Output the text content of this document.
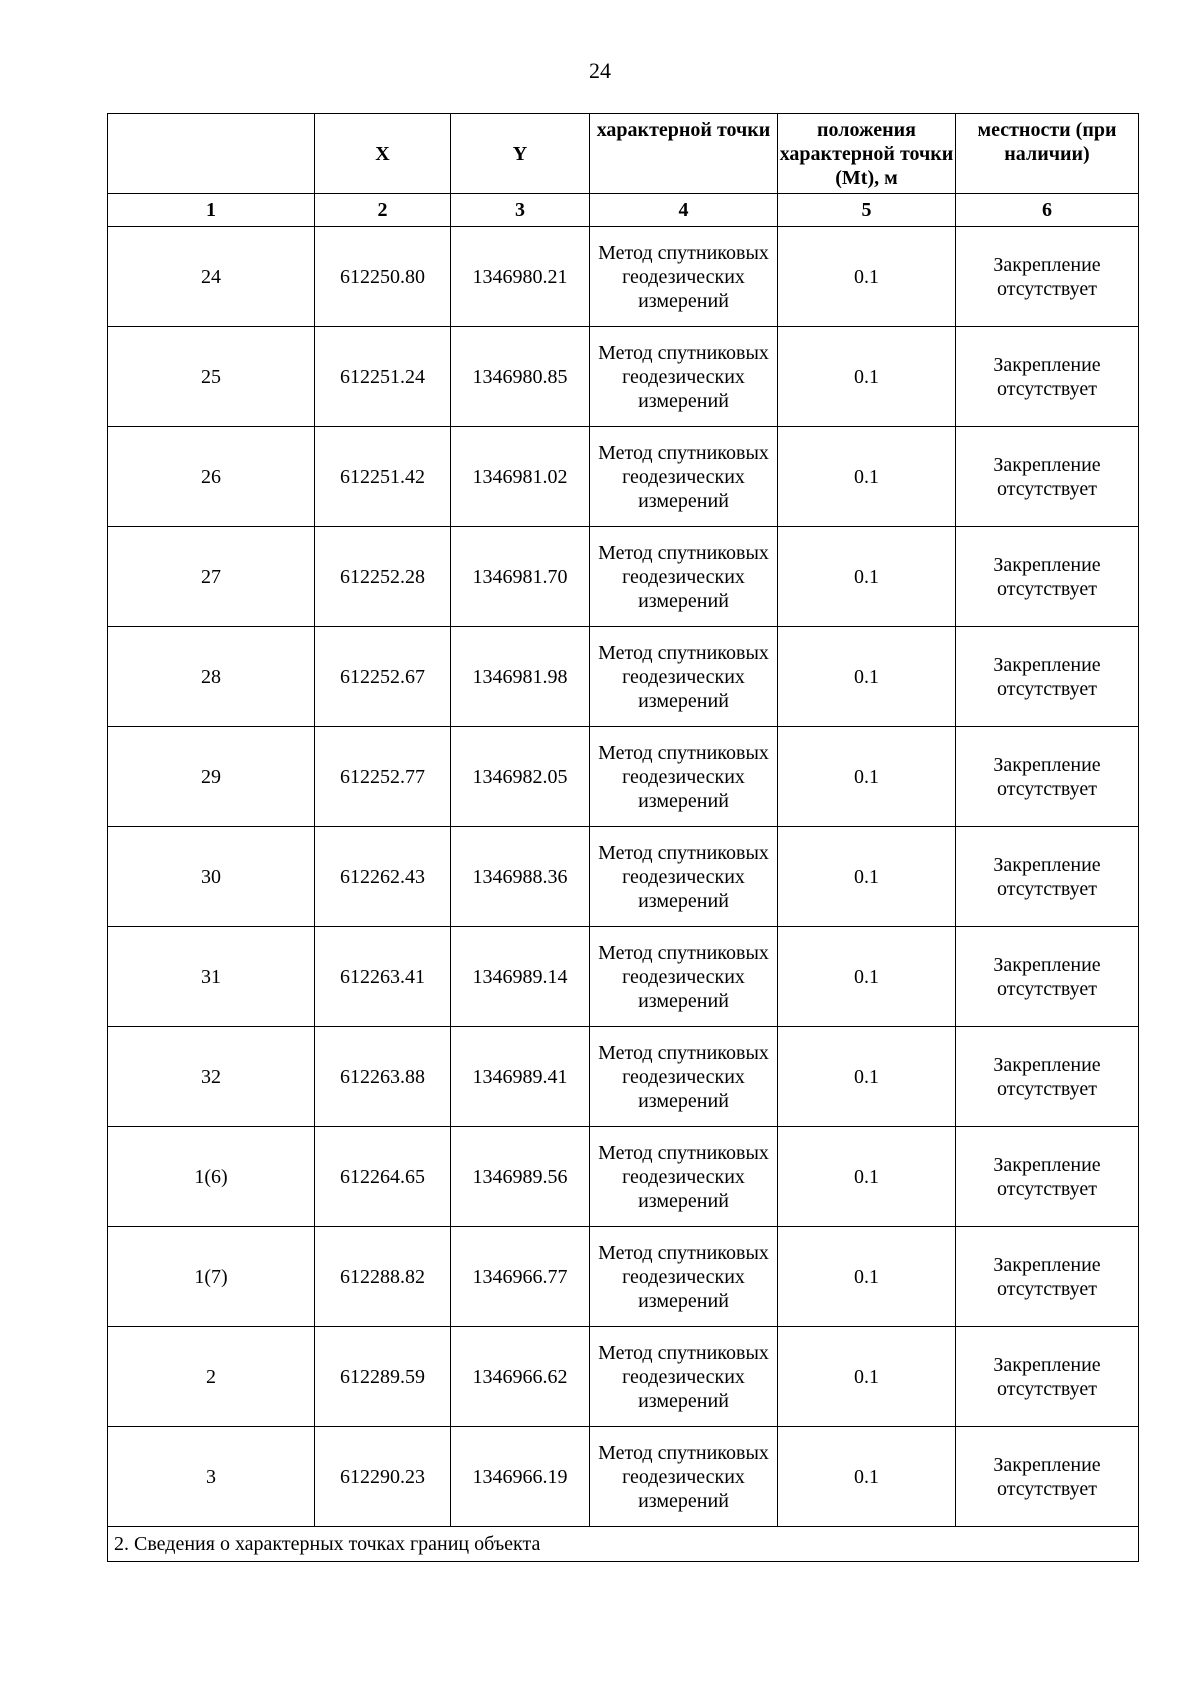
24
	X	Y	характерной точки	положения характерной точки (Mt), м	местности (при наличии)
1	2	3	4	5	6
24	612250.80	1346980.21	Метод спутниковых геодезических измерений	0.1	Закрепление отсутствует
25	612251.24	1346980.85	Метод спутниковых геодезических измерений	0.1	Закрепление отсутствует
26	612251.42	1346981.02	Метод спутниковых геодезических измерений	0.1	Закрепление отсутствует
27	612252.28	1346981.70	Метод спутниковых геодезических измерений	0.1	Закрепление отсутствует
28	612252.67	1346981.98	Метод спутниковых геодезических измерений	0.1	Закрепление отсутствует
29	612252.77	1346982.05	Метод спутниковых геодезических измерений	0.1	Закрепление отсутствует
30	612262.43	1346988.36	Метод спутниковых геодезических измерений	0.1	Закрепление отсутствует
31	612263.41	1346989.14	Метод спутниковых геодезических измерений	0.1	Закрепление отсутствует
32	612263.88	1346989.41	Метод спутниковых геодезических измерений	0.1	Закрепление отсутствует
1(6)	612264.65	1346989.56	Метод спутниковых геодезических измерений	0.1	Закрепление отсутствует
1(7)	612288.82	1346966.77	Метод спутниковых геодезических измерений	0.1	Закрепление отсутствует
2	612289.59	1346966.62	Метод спутниковых геодезических измерений	0.1	Закрепление отсутствует
3	612290.23	1346966.19	Метод спутниковых геодезических измерений	0.1	Закрепление отсутствует
2. Сведения о характерных точках границ объекта					
